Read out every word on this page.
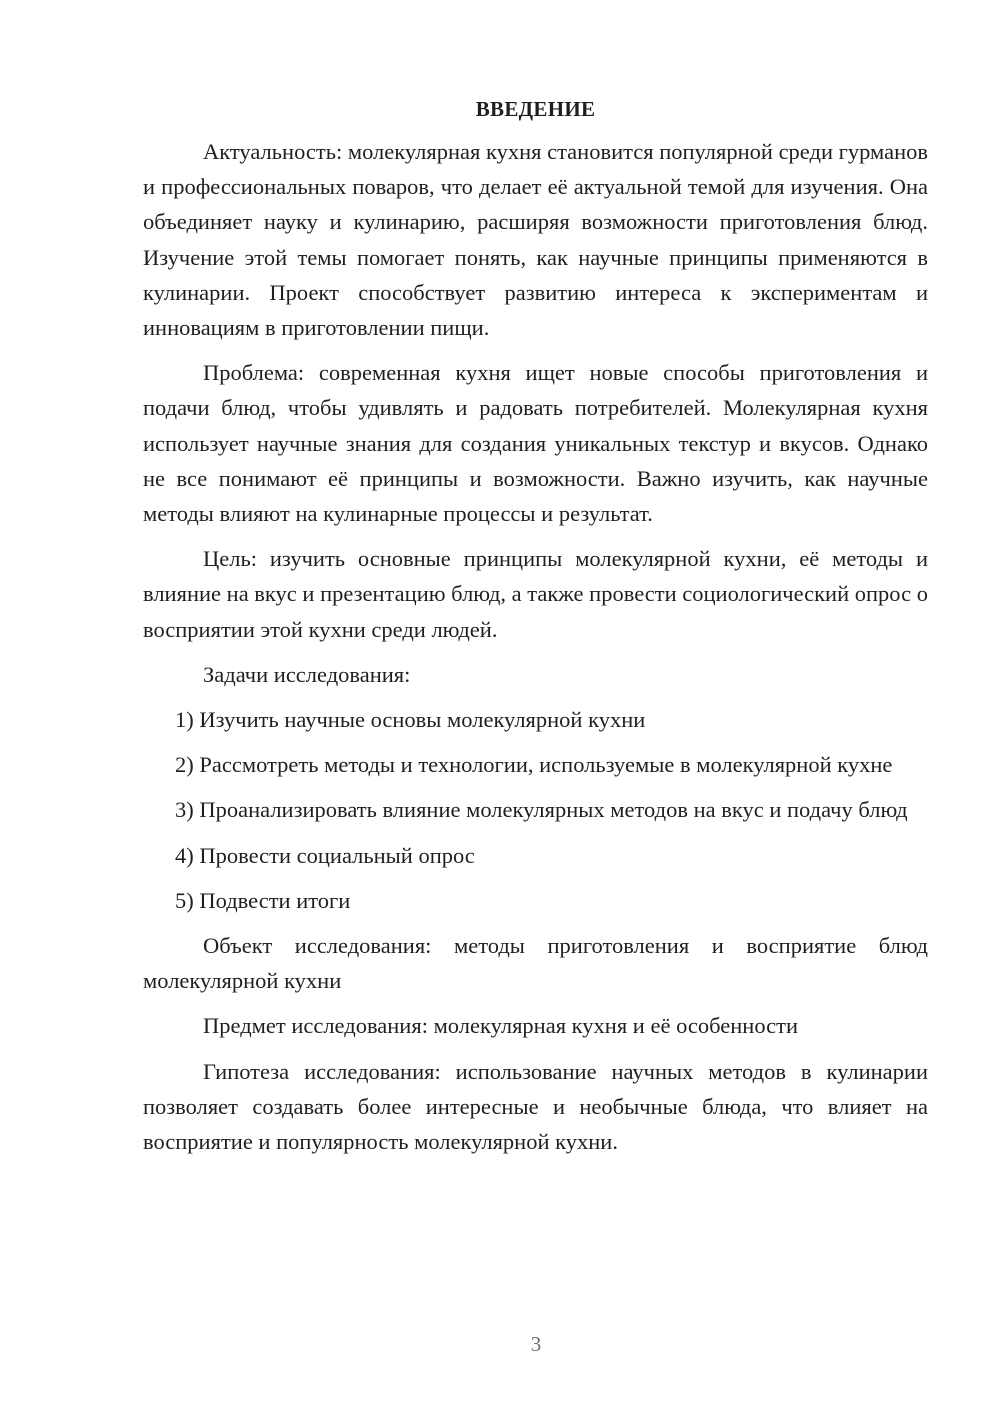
ВВЕДЕНИЕ

Актуальность: молекулярная кухня становится популярной среди гурманов и профессиональных поваров, что делает её актуальной темой для изучения. Она объединяет науку и кулинарию, расширяя возможности приготовления блюд. Изучение этой темы помогает понять, как научные принципы применяются в кулинарии. Проект способствует развитию интереса к экспериментам и инновациям в приготовлении пищи.

Проблема: современная кухня ищет новые способы приготовления и подачи блюд, чтобы удивлять и радовать потребителей. Молекулярная кухня использует научные знания для создания уникальных текстур и вкусов. Однако не все понимают её принципы и возможности. Важно изучить, как научные методы влияют на кулинарные процессы и результат.

Цель: изучить основные принципы молекулярной кухни, её методы и влияние на вкус и презентацию блюд, а также провести социологический опрос о восприятии этой кухни среди людей.

Задачи исследования:

1) Изучить научные основы молекулярной кухни

2) Рассмотреть методы и технологии, используемые в молекулярной кухне

3) Проанализировать влияние молекулярных методов на вкус и подачу блюд

4) Провести социальный опрос

5) Подвести итоги

Объект исследования: методы приготовления и восприятие блюд молекулярной кухни

Предмет исследования: молекулярная кухня и её особенности

Гипотеза исследования: использование научных методов в кулинарии позволяет создавать более интересные и необычные блюда, что влияет на восприятие и популярность молекулярной кухни.

3
